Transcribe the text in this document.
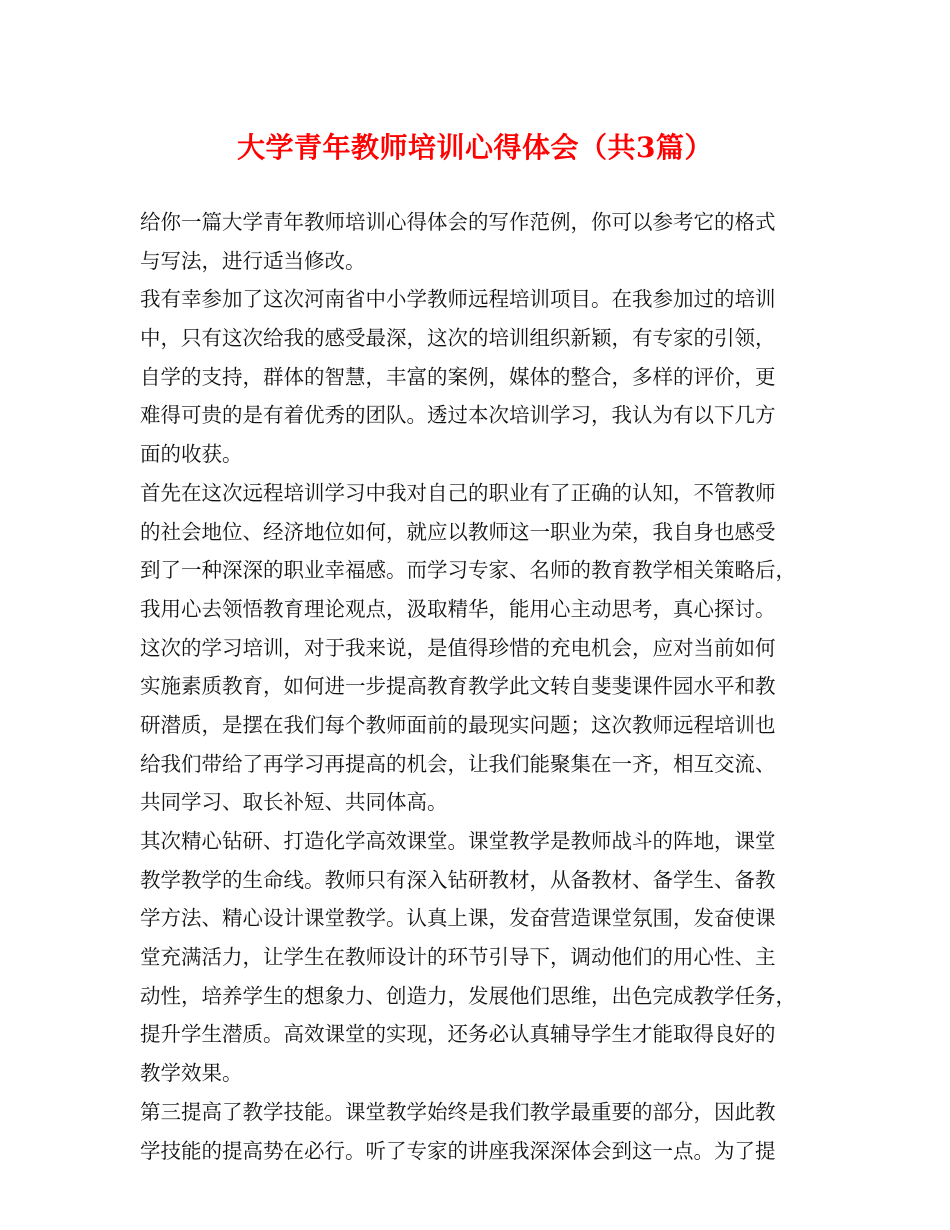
大学青年教师培训心得体会（共3篇）
给你一篇大学青年教师培训心得体会的写作范例，你可以参考它的格式
与写法，进行适当修改。
我有幸参加了这次河南省中小学教师远程培训项目。在我参加过的培训
中，只有这次给我的感受最深，这次的培训组织新颖，有专家的引领，
自学的支持，群体的智慧，丰富的案例，媒体的整合，多样的评价，更
难得可贵的是有着优秀的团队。透过本次培训学习，我认为有以下几方
面的收获。
首先在这次远程培训学习中我对自己的职业有了正确的认知，不管教师
的社会地位、经济地位如何，就应以教师这一职业为荣，我自身也感受
到了一种深深的职业幸福感。而学习专家、名师的教育教学相关策略后，
我用心去领悟教育理论观点，汲取精华，能用心主动思考，真心探讨。
这次的学习培训，对于我来说，是值得珍惜的充电机会，应对当前如何
实施素质教育，如何进一步提高教育教学此文转自斐斐课件园水平和教
研潜质，是摆在我们每个教师面前的最现实问题；这次教师远程培训也
给我们带给了再学习再提高的机会，让我们能聚集在一齐，相互交流、
共同学习、取长补短、共同体高。
其次精心钻研、打造化学高效课堂。课堂教学是教师战斗的阵地，课堂
教学教学的生命线。教师只有深入钻研教材，从备教材、备学生、备教
学方法、精心设计课堂教学。认真上课，发奋营造课堂氛围，发奋使课
堂充满活力，让学生在教师设计的环节引导下，调动他们的用心性、主
动性，培养学生的想象力、创造力，发展他们思维，出色完成教学任务，
提升学生潜质。高效课堂的实现，还务必认真辅导学生才能取得良好的
教学效果。
第三提高了教学技能。课堂教学始终是我们教学最重要的部分，因此教
学技能的提高势在必行。听了专家的讲座我深深体会到这一点。为了提
